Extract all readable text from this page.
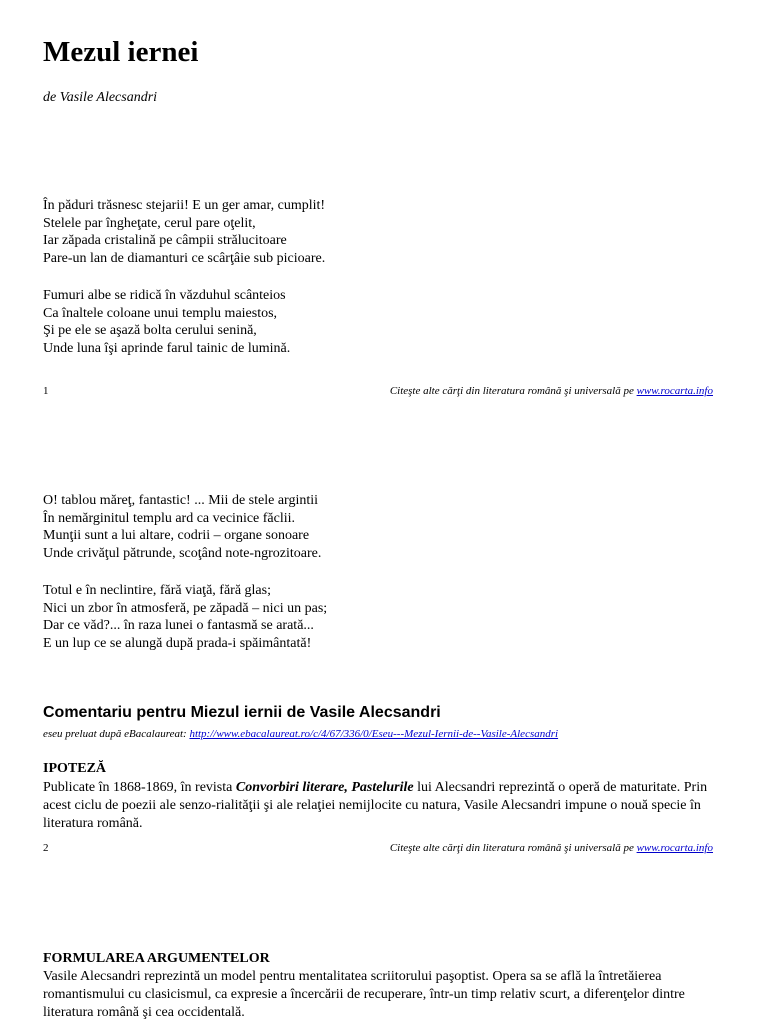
Mezul iernei
de Vasile Alecsandri
În păduri trăsnesc stejarii! E un ger amar, cumplit!
Stelele par îngheţate, cerul pare oţelit,
Iar zăpada cristalină pe câmpii strălucitoare
Pare-un lan de diamanturi ce scârţâie sub picioare.
Fumuri albe se ridică în văzduhul scânteios
Ca înaltele coloane unui templu maiestos,
Şi pe ele se aşază bolta cerului senină,
Unde luna îşi aprinde farul tainic de lumină.
1	Citeşte alte cărţi din literatura română şi universală pe www.rocarta.info
O! tablou măreţ, fantastic! ... Mii de stele argintii
În nemărginitul templu ard ca vecinice făclii.
Munţii sunt a lui altare, codrii – organe sonoare
Unde crivăţul pătrunde, scoţând note-ngrozitoare.
Totul e în neclintire, fără viaţă, fără glas;
Nici un zbor în atmosferă, pe zăpadă – nici un pas;
Dar ce văd?... în raza lunei o fantasmă se arată...
E un lup ce se alungă după prada-i spăimântată!
Comentariu pentru Miezul iernii de Vasile Alecsandri
eseu preluat după eBacalaureat: http://www.ebacalaureat.ro/c/4/67/336/0/Eseu---Mezul-Iernii-de--Vasile-Alecsandri
IPOTEZĂ
Publicate în 1868-1869, în revista Convorbiri literare, Pastelurile lui Alecsandri reprezintă o operă de maturitate. Prin acest ciclu de poezii ale senzo-rialităţii şi ale relaţiei nemijlocite cu natura, Vasile Alecsandri impune o nouă specie în literatura română.
2	Citeşte alte cărţi din literatura română şi universală pe www.rocarta.info
FORMULAREA ARGUMENTELOR
Vasile Alecsandri reprezintă un model pentru mentalitatea scriitorului paşoptist. Opera sa se află la întretăierea romantismului cu clasicismul, ca expresie a încercării de recuperare, într-un timp relativ scurt, a diferenţelor dintre literatura română şi cea occidentală.
